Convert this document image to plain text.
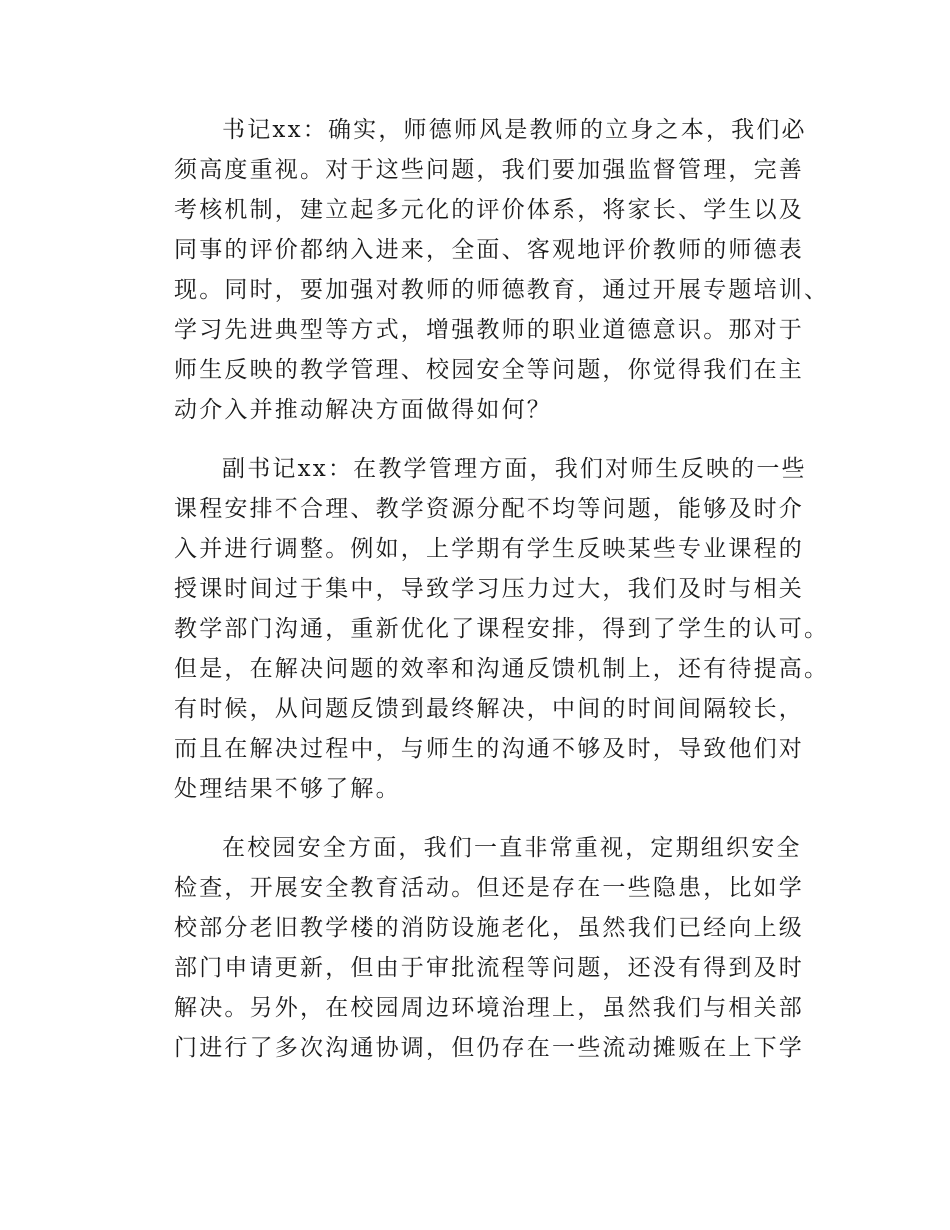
书记xx：确实，师德师风是教师的立身之本，我们必
须高度重视。对于这些问题，我们要加强监督管理，完善
考核机制，建立起多元化的评价体系，将家长、学生以及
同事的评价都纳入进来，全面、客观地评价教师的师德表
现。同时，要加强对教师的师德教育，通过开展专题培训、
学习先进典型等方式，增强教师的职业道德意识。那对于
师生反映的教学管理、校园安全等问题，你觉得我们在主
动介入并推动解决方面做得如何？

副书记xx：在教学管理方面，我们对师生反映的一些
课程安排不合理、教学资源分配不均等问题，能够及时介
入并进行调整。例如，上学期有学生反映某些专业课程的
授课时间过于集中，导致学习压力过大，我们及时与相关
教学部门沟通，重新优化了课程安排，得到了学生的认可。
但是，在解决问题的效率和沟通反馈机制上，还有待提高。
有时候，从问题反馈到最终解决，中间的时间间隔较长，
而且在解决过程中，与师生的沟通不够及时，导致他们对
处理结果不够了解。

在校园安全方面，我们一直非常重视，定期组织安全
检查，开展安全教育活动。但还是存在一些隐患，比如学
校部分老旧教学楼的消防设施老化，虽然我们已经向上级
部门申请更新，但由于审批流程等问题，还没有得到及时
解决。另外，在校园周边环境治理上，虽然我们与相关部
门进行了多次沟通协调，但仍存在一些流动摊贩在上下学
